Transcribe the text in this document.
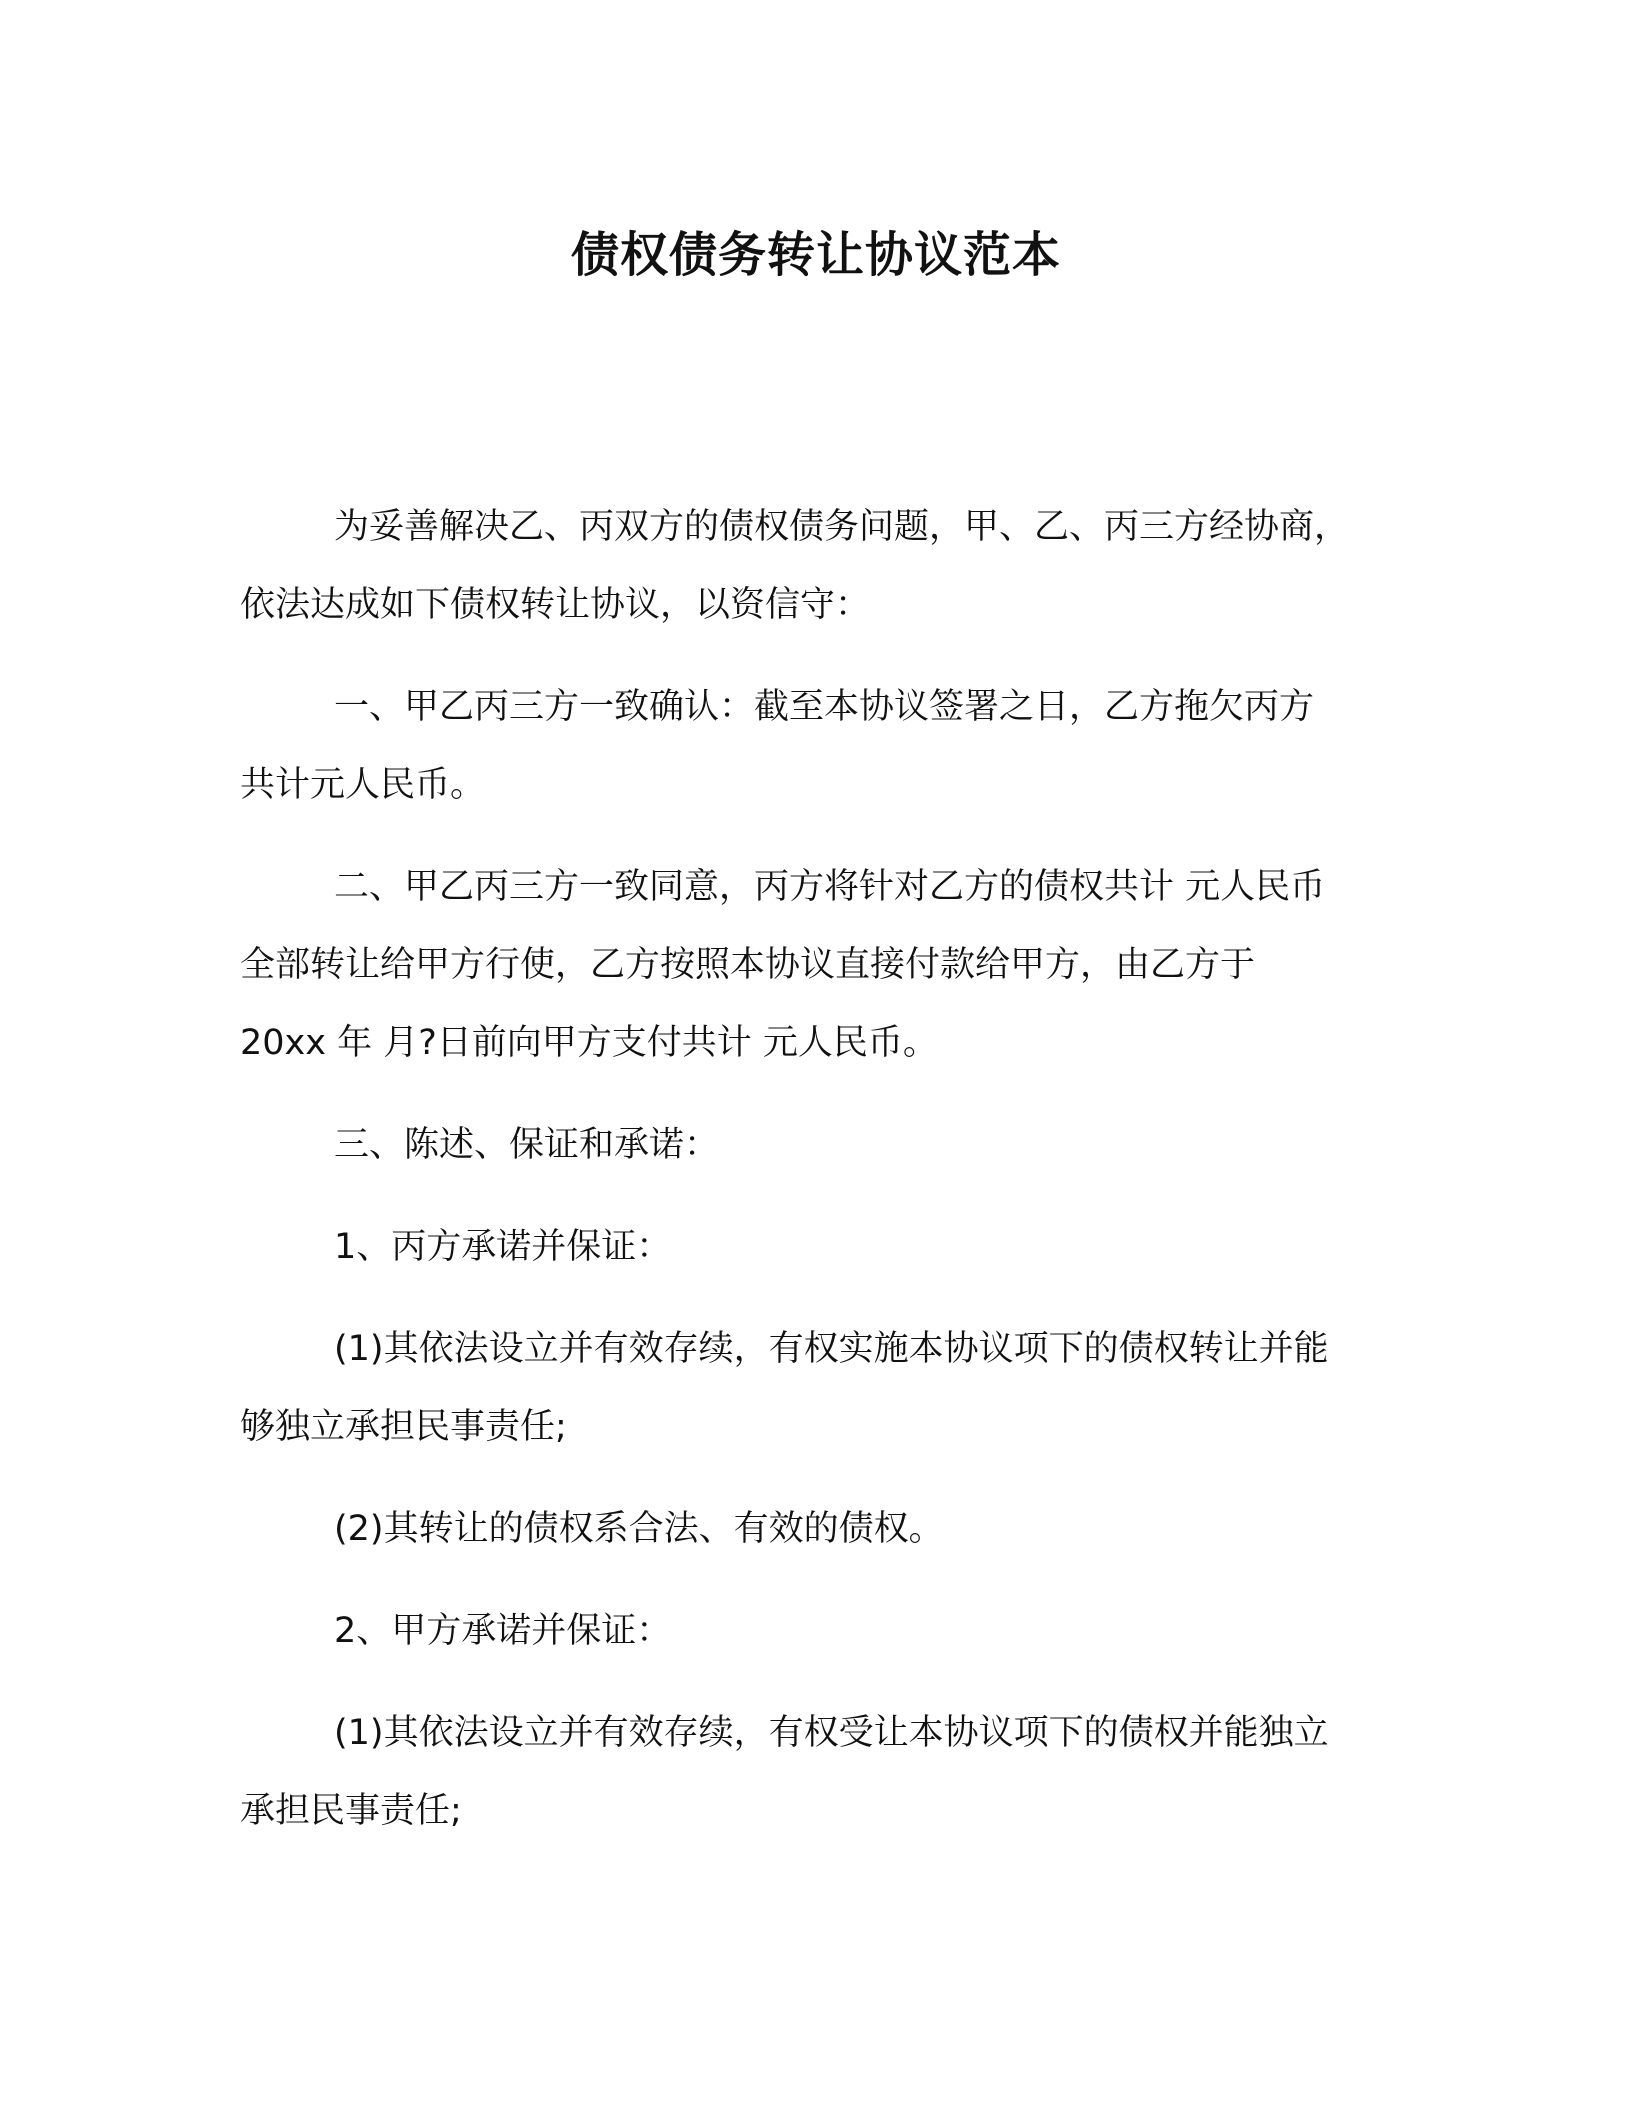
债权债务转让协议范本
为妥善解决乙、丙双方的债权债务问题，甲、乙、丙三方经协商，
依法达成如下债权转让协议，以资信守：
一、甲乙丙三方一致确认：截至本协议签署之日，乙方拖欠丙方
共计元人民币。
二、甲乙丙三方一致同意，丙方将针对乙方的债权共计 元人民币
全部转让给甲方行使，乙方按照本协议直接付款给甲方，由乙方于
20xx 年 月?日前向甲方支付共计 元人民币。
三、陈述、保证和承诺：
1、丙方承诺并保证：
(1)其依法设立并有效存续，有权实施本协议项下的债权转让并能
够独立承担民事责任;
(2)其转让的债权系合法、有效的债权。
2、甲方承诺并保证：
(1)其依法设立并有效存续，有权受让本协议项下的债权并能独立
承担民事责任;
